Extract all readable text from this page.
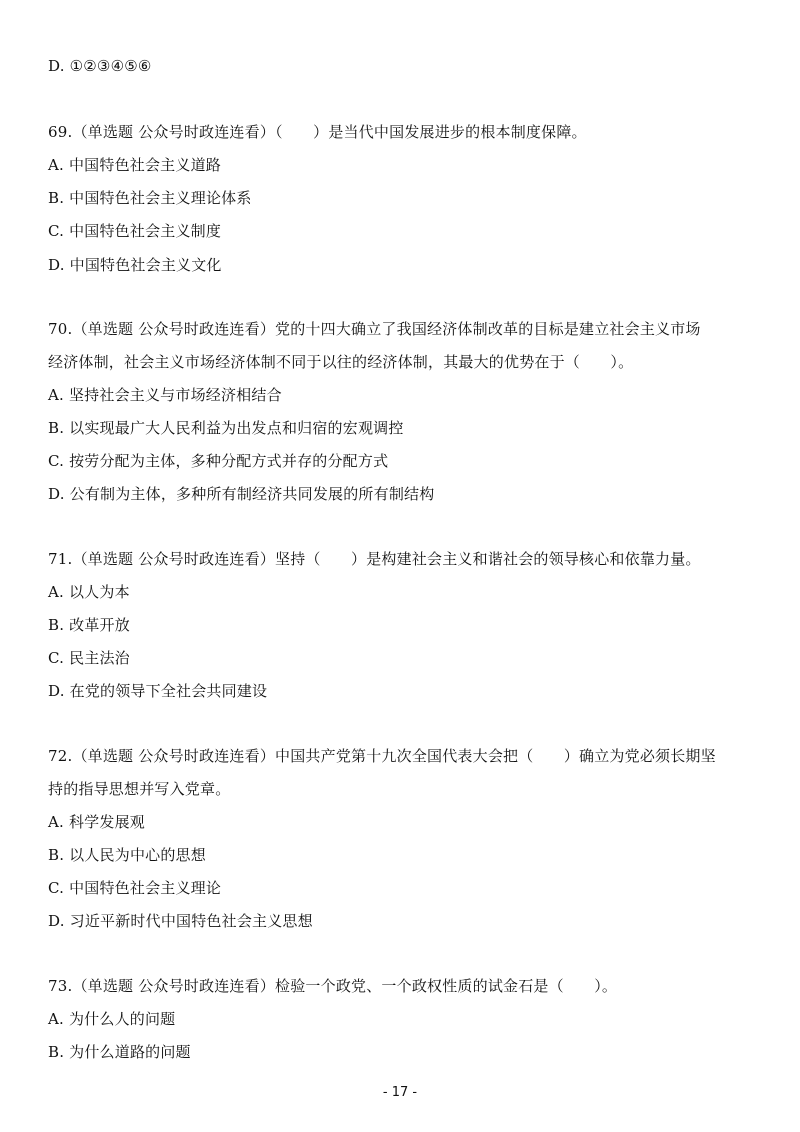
D. ①②③④⑤⑥
69.（单选题 公众号时政连连看）（　　）是当代中国发展进步的根本制度保障。
A. 中国特色社会主义道路
B. 中国特色社会主义理论体系
C. 中国特色社会主义制度
D. 中国特色社会主义文化
70.（单选题 公众号时政连连看）党的十四大确立了我国经济体制改革的目标是建立社会主义市场
经济体制，社会主义市场经济体制不同于以往的经济体制，其最大的优势在于（　　）。
A. 坚持社会主义与市场经济相结合
B. 以实现最广大人民利益为出发点和归宿的宏观调控
C. 按劳分配为主体，多种分配方式并存的分配方式
D. 公有制为主体，多种所有制经济共同发展的所有制结构
71.（单选题 公众号时政连连看）坚持（　　）是构建社会主义和谐社会的领导核心和依靠力量。
A. 以人为本
B. 改革开放
C. 民主法治
D. 在党的领导下全社会共同建设
72.（单选题 公众号时政连连看）中国共产党第十九次全国代表大会把（　　）确立为党必须长期坚
持的指导思想并写入党章。
A. 科学发展观
B. 以人民为中心的思想
C. 中国特色社会主义理论
D. 习近平新时代中国特色社会主义思想
73.（单选题 公众号时政连连看）检验一个政党、一个政权性质的试金石是（　　）。
A. 为什么人的问题
B. 为什么道路的问题
- 17 -
